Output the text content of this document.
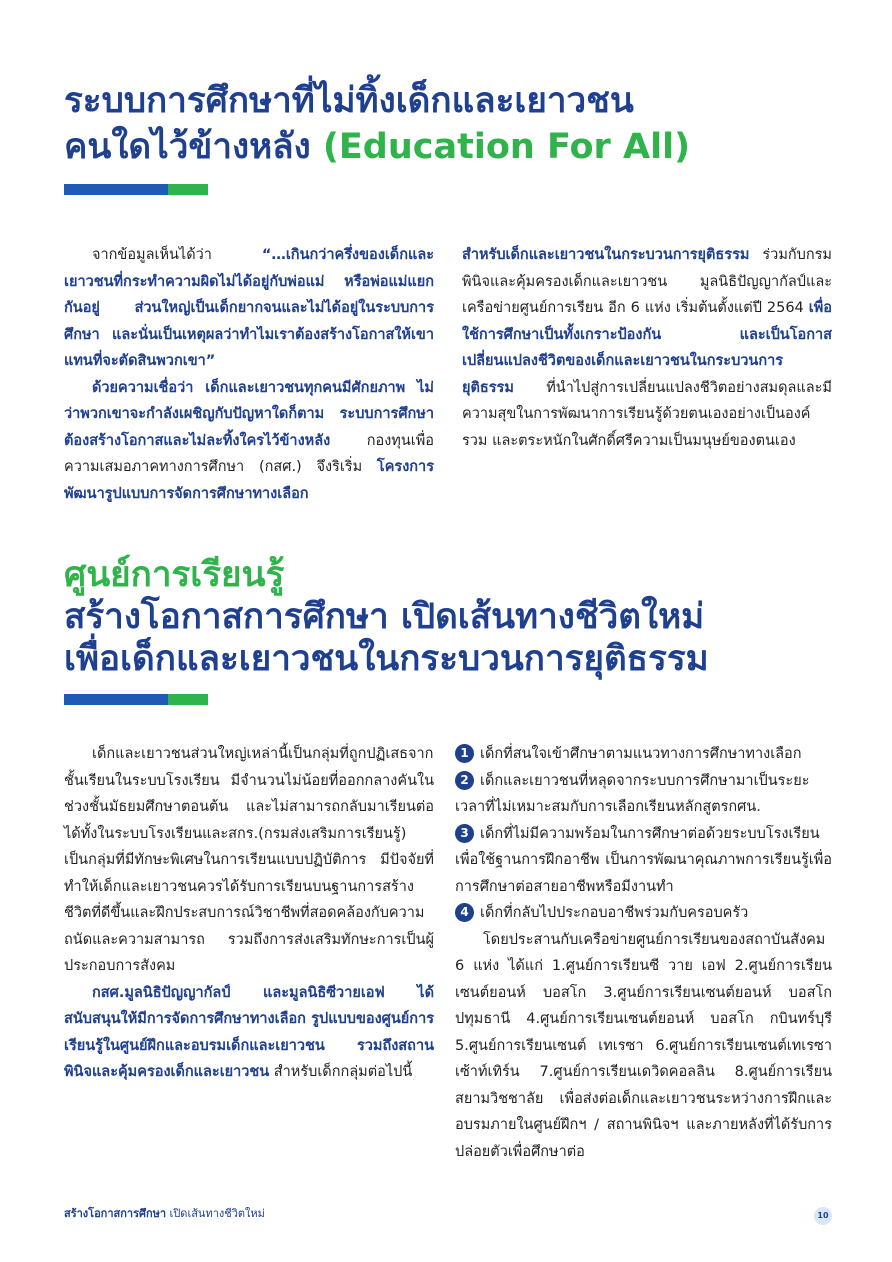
ระบบการศึกษาที่ไม่ทิ้งเด็กและเยาวชน
คนใดไว้ข้างหลัง (Education For All)

จากข้อมูลเห็นได้ว่า “…เกินกว่าครึ่งของเด็กและเยาวชนที่กระทำความผิดไม่ได้อยู่กับพ่อแม่ หรือพ่อแม่แยกกันอยู่ ส่วนใหญ่เป็นเด็กยากจนและไม่ได้อยู่ในระบบการศึกษา และนั่นเป็นเหตุผลว่าทำไมเราต้องสร้างโอกาสให้เขาแทนที่จะตัดสินพวกเขา”

ด้วยความเชื่อว่า เด็กและเยาวชนทุกคนมีศักยภาพ ไม่ว่าพวกเขาจะกำลังเผชิญกับปัญหาใดก็ตาม ระบบการศึกษาต้องสร้างโอกาสและไม่ละทิ้งใครไว้ข้างหลัง กองทุนเพื่อความเสมอภาคทางการศึกษา (กสศ.) จึงริเริ่ม โครงการพัฒนารูปแบบการจัดการศึกษาทางเลือก

สำหรับเด็กและเยาวชนในกระบวนการยุติธรรม ร่วมกับกรมพินิจและคุ้มครองเด็กและเยาวชน มูลนิธิปัญญากัลป์และเครือข่ายศูนย์การเรียน อีก 6 แห่ง เริ่มต้นตั้งแต่ปี 2564 เพื่อใช้การศึกษาเป็นทั้งเกราะป้องกัน และเป็นโอกาสเปลี่ยนแปลงชีวิตของเด็กและเยาวชนในกระบวนการยุติธรรม ที่นำไปสู่การเปลี่ยนแปลงชีวิตอย่างสมดุลและมีความสุขในการพัฒนาการเรียนรู้ด้วยตนเองอย่างเป็นองค์รวม และตระหนักในศักดิ์ศรีความเป็นมนุษย์ของตนเอง

ศูนย์การเรียนรู้
สร้างโอกาสการศึกษา เปิดเส้นทางชีวิตใหม่
เพื่อเด็กและเยาวชนในกระบวนการยุติธรรม

เด็กและเยาวชนส่วนใหญ่เหล่านี้เป็นกลุ่มที่ถูกปฏิเสธจากชั้นเรียนในระบบโรงเรียน มีจำนวนไม่น้อยที่ออกกลางคันในช่วงชั้นมัธยมศึกษาตอนต้น และไม่สามารถกลับมาเรียนต่อได้ทั้งในระบบโรงเรียนและสกร.(กรมส่งเสริมการเรียนรู้) เป็นกลุ่มที่มีทักษะพิเศษในการเรียนแบบปฏิบัติการ มีปัจจัยที่ทำให้เด็กและเยาวชนควรได้รับการเรียนบนฐานการสร้างชีวิตที่ดีขึ้นและฝึกประสบการณ์วิชาชีพที่สอดคล้องกับความถนัดและความสามารถ รวมถึงการส่งเสริมทักษะการเป็นผู้ประกอบการสังคม

กสศ.มูลนิธิปัญญากัลป์ และมูลนิธิซีวายเอฟ ได้สนับสนุนให้มีการจัดการศึกษาทางเลือก รูปแบบของศูนย์การเรียนรู้ในศูนย์ฝึกและอบรมเด็กและเยาวชน รวมถึงสถานพินิจและคุ้มครองเด็กและเยาวชน สำหรับเด็กกลุ่มต่อไปนี้

1 เด็กที่สนใจเข้าศึกษาตามแนวทางการศึกษาทางเลือก

2 เด็กและเยาวชนที่หลุดจากระบบการศึกษามาเป็นระยะเวลาที่ไม่เหมาะสมกับการเลือกเรียนหลักสูตรกศน.

3 เด็กที่ไม่มีความพร้อมในการศึกษาต่อด้วยระบบโรงเรียน เพื่อใช้ฐานการฝึกอาชีพ เป็นการพัฒนาคุณภาพการเรียนรู้เพื่อการศึกษาต่อสายอาชีพหรือมีงานทำ

4 เด็กที่กลับไปประกอบอาชีพร่วมกับครอบครัว

โดยประสานกับเครือข่ายศูนย์การเรียนของสถาบันสังคม 6 แห่ง ได้แก่ 1.ศูนย์การเรียนซี วาย เอฟ 2.ศูนย์การเรียนเซนต์ยอนห์ บอสโก 3.ศูนย์การเรียนเซนต์ยอนห์ บอสโก ปทุมธานี 4.ศูนย์การเรียนเซนต์ยอนห์ บอสโก กบินทร์บุรี 5.ศูนย์การเรียนเซนต์ เทเรซา 6.ศูนย์การเรียนเซนต์เทเรซา เซ้าท์เทิร์น 7.ศูนย์การเรียนเดวิดคอลลิน 8.ศูนย์การเรียนสยามวิชชาลัย เพื่อส่งต่อเด็กและเยาวชนระหว่างการฝึกและอบรมภายในศูนย์ฝึกฯ / สถานพินิจฯ และภายหลังที่ได้รับการปล่อยตัวเพื่อศึกษาต่อ

สร้างโอกาสการศึกษา เปิดเส้นทางชีวิตใหม่	10
